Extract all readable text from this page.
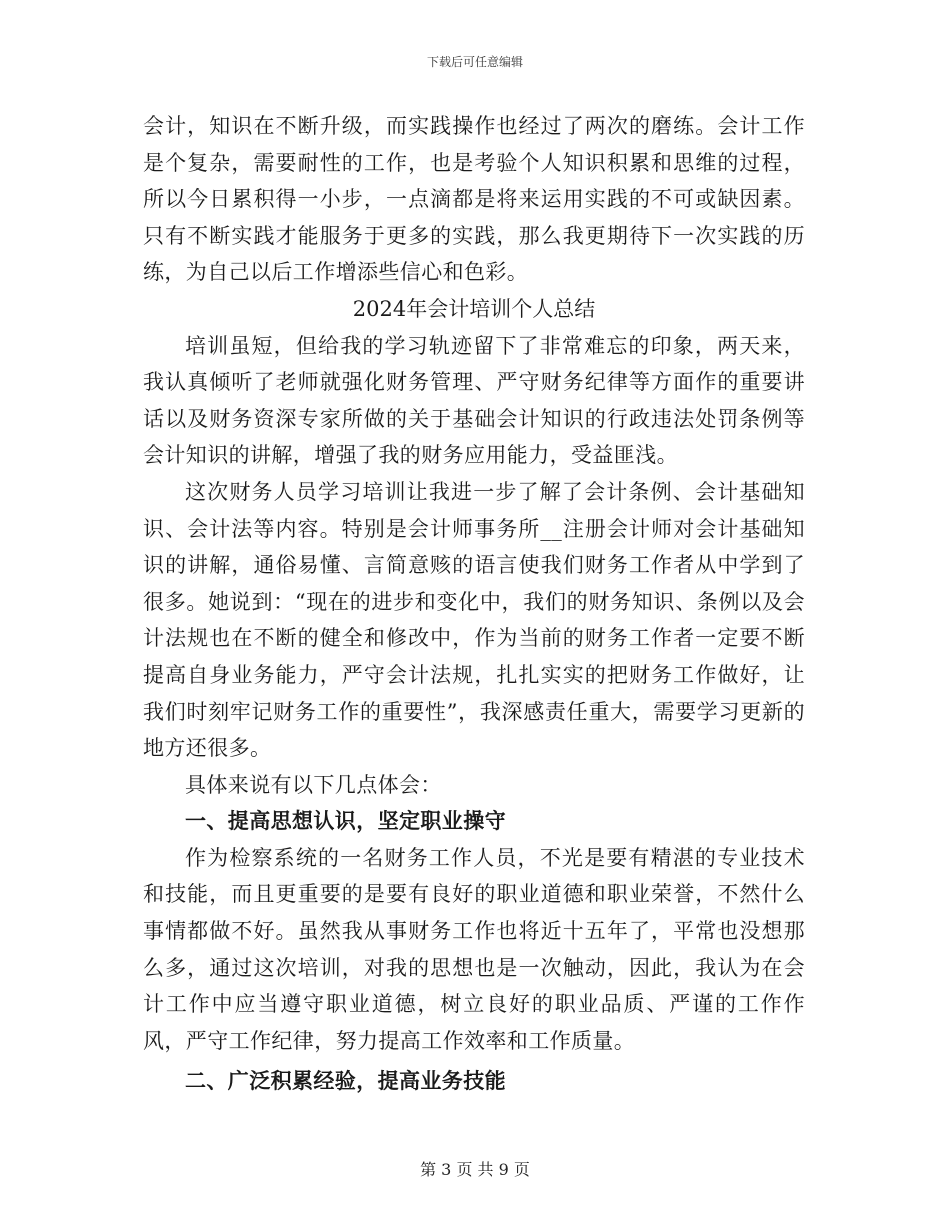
下载后可任意编辑

会计，知识在不断升级，而实践操作也经过了两次的磨练。会计工作是个复杂，需要耐性的工作，也是考验个人知识积累和思维的过程，所以今日累积得一小步，一点滴都是将来运用实践的不可或缺因素。只有不断实践才能服务于更多的实践，那么我更期待下一次实践的历练，为自己以后工作增添些信心和色彩。

2024年会计培训个人总结

培训虽短，但给我的学习轨迹留下了非常难忘的印象，两天来，我认真倾听了老师就强化财务管理、严守财务纪律等方面作的重要讲话以及财务资深专家所做的关于基础会计知识的行政违法处罚条例等会计知识的讲解，增强了我的财务应用能力，受益匪浅。

这次财务人员学习培训让我进一步了解了会计条例、会计基础知识、会计法等内容。特别是会计师事务所__注册会计师对会计基础知识的讲解，通俗易懂、言简意赅的语言使我们财务工作者从中学到了很多。她说到：“现在的进步和变化中，我们的财务知识、条例以及会计法规也在不断的健全和修改中，作为当前的财务工作者一定要不断提高自身业务能力，严守会计法规，扎扎实实的把财务工作做好，让我们时刻牢记财务工作的重要性”，我深感责任重大，需要学习更新的地方还很多。

具体来说有以下几点体会：

一、提高思想认识，坚定职业操守

作为检察系统的一名财务工作人员，不光是要有精湛的专业技术和技能，而且更重要的是要有良好的职业道德和职业荣誉，不然什么事情都做不好。虽然我从事财务工作也将近十五年了，平常也没想那么多，通过这次培训，对我的思想也是一次触动，因此，我认为在会计工作中应当遵守职业道德，树立良好的职业品质、严谨的工作作风，严守工作纪律，努力提高工作效率和工作质量。

二、广泛积累经验，提高业务技能
第 3 页 共 9 页
